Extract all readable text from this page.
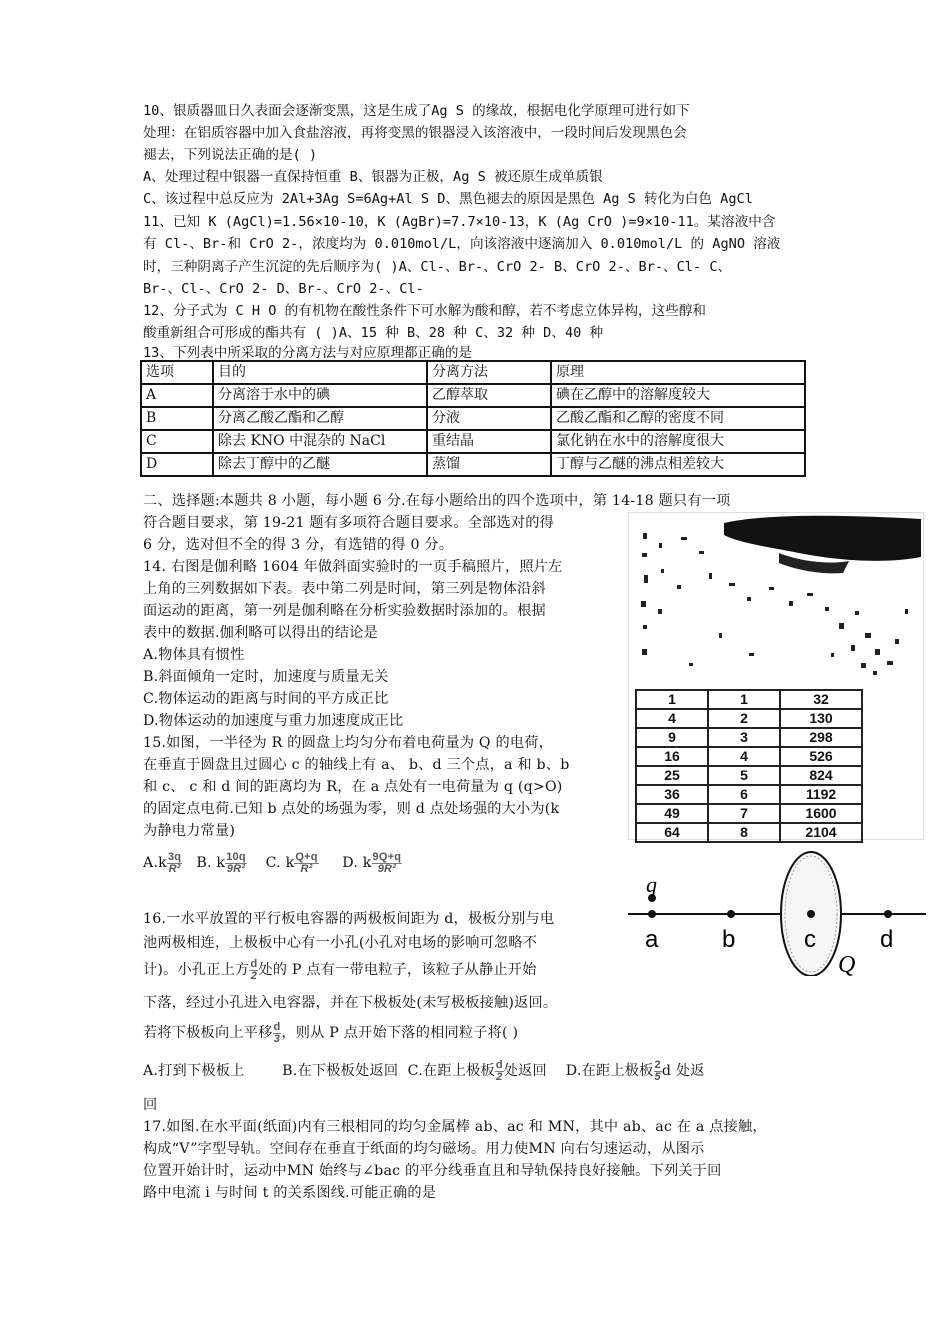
10、银质器皿日久表面会逐渐变黑，这是生成了Ag S 的缘故，根据电化学原理可进行如下
处理：在铝质容器中加入食盐溶液，再将变黑的银器浸入该溶液中，一段时间后发现黑色会
褪去，下列说法正确的是( )
A、处理过程中银器一直保持恒重 B、银器为正极，Ag S 被还原生成单质银
C、该过程中总反应为 2Al+3Ag S=6Ag+Al S D、黑色褪去的原因是黑色 Ag S 转化为白色 AgCl
11、已知 K (AgCl)=1.56×10-10，K (AgBr)=7.7×10-13，K (Ag CrO )=9×10-11。某溶液中含
有 Cl-、Br-和 CrO 2-，浓度均为 0.010mol/L，向该溶液中逐滴加入 0.010mol/L 的 AgNO 溶液
时，三种阴离子产生沉淀的先后顺序为( )A、Cl-、Br-、CrO 2- B、CrO 2-、Br-、Cl- C、
Br-、Cl-、CrO 2- D、Br-、CrO 2-、Cl-
12、分子式为 C H O 的有机物在酸性条件下可水解为酸和醇，若不考虑立体异构，这些醇和
酸重新组合可形成的酯共有 ( )A、15 种 B、28 种 C、32 种 D、40 种
13、下列表中所采取的分离方法与对应原理都正确的是
选项	目的	分离方法	原理
A	分离溶于水中的碘	乙醇萃取	碘在乙醇中的溶解度较大
B	分离乙酸乙酯和乙醇	分液	乙酸乙酯和乙醇的密度不同
C	除去 KNO 中混杂的 NaCl	重结晶	氯化钠在水中的溶解度很大
D	除去丁醇中的乙醚	蒸馏	丁醇与乙醚的沸点相差较大
二、选择题:本题共 8 小题，每小题 6 分.在每小题给出的四个选项中，第 14-18 题只有一项
符合题目要求，第 19-21 题有多项符合题目要求。全部选对的得
6 分，选对但不全的得 3 分，有选错的得 0 分。
14. 右图是伽利略 1604 年做斜面实验时的一页手稿照片，照片左
上角的三列数据如下表。表中第二列是时间，第三列是物体沿斜
面运动的距离，第一列是伽利略在分析实验数据时添加的。根据
表中的数据.伽利略可以得出的结论是
A.物体具有惯性
B.斜面倾角一定时，加速度与质量无关
C.物体运动的距离与时间的平方成正比
D.物体运动的加速度与重力加速度成正比
15.如图，一半径为 R 的圆盘上均匀分布着电荷量为 Q 的电荷，
在垂直于圆盘且过圆心 c 的轴线上有 a、 b、d 三个点，a 和 b、b
和 c、 c 和 d 间的距离均为 R，在 a 点处有一电荷量为 q (q>O)
的固定点电荷.已知 b 点处的场强为零，则 d 点处场强的大小为(k
为静电力常量)
$A.k \frac{3q}{\text{R²}} B$. k $\frac{10q}{\text{9R²}} C$. k $\frac{Q+q}{\text{R²}} D$. k $\frac{9Q+q}{\text{9R²}}$
16.一水平放置的平行板电容器的两极板间距为 d，极板分别与电
池两极相连，上极板中心有一小孔(小孔对电场的影响可忽略不
计)。小孔正上方 $\frac{d}{2}$ 处的 P 点有一带电粒子，该粒子从静止开始
下落，经过小孔进入电容器，并在下极板处(未写极板接触)返回。
若将下极板向上平移 $\frac{d}{3}$ ，则从 P 点开始下落的相同粒子将( )
A.打到下极板上	B.在下极板处返回 C.在距上极板 $\frac{d}{2}$ 处返回 D.在距上极板 $\frac{2}{5}$ d 处返
回
17.如图.在水平面(纸面)内有三根相同的均匀金属棒 ab、ac 和 MN，其中 ab、ac 在 a 点接触，
构成“V”字型导轨。空间存在垂直于纸面的均匀磁场。用力使MN 向右匀速运动，从图示
位置开始计时，运动中MN 始终与∠bac 的平分线垂直且和导轨保持良好接触。下列关于回
路中电流 i 与时间 t 的关系图线.可能正确的是
1	1	32
4	2	130
9	3	298
16	4	526
25	5	824
36	6	1192
49	7	1600
64	8	2104
q
a	b	c	d
Q
